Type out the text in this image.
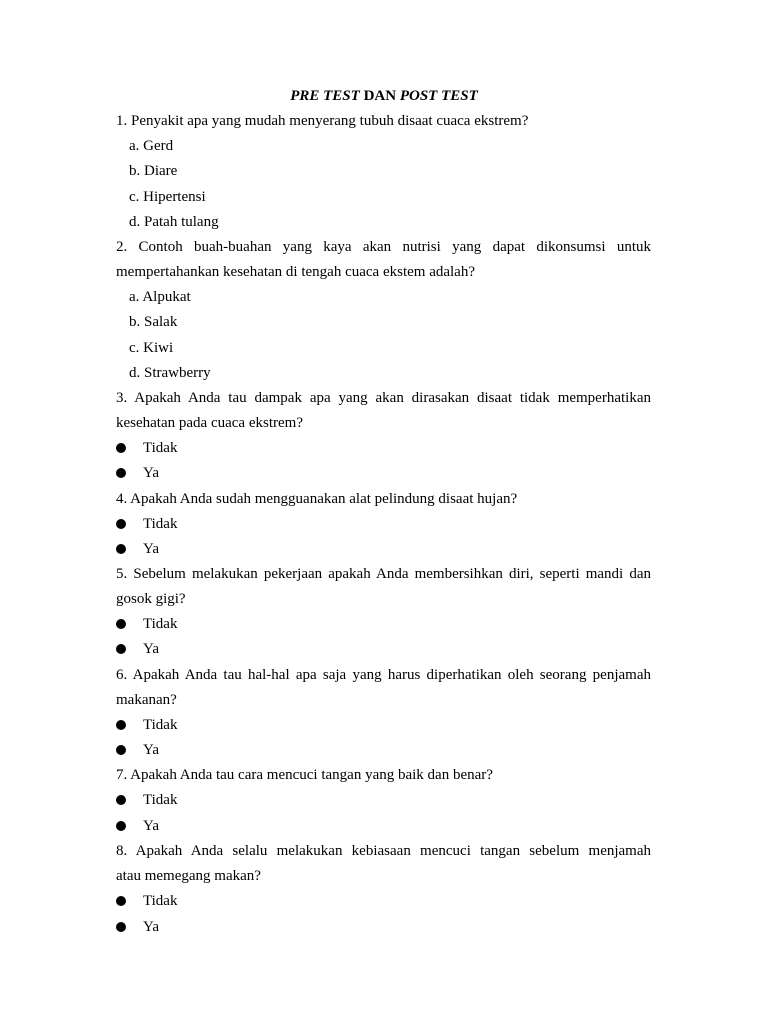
PRE TEST DAN POST TEST
1. Penyakit apa yang mudah menyerang tubuh disaat cuaca ekstrem?
a. Gerd
b. Diare
c. Hipertensi
d. Patah tulang
2. Contoh buah-buahan yang kaya akan nutrisi yang dapat dikonsumsi untuk
mempertahankan kesehatan di tengah cuaca ekstem adalah?
a. Alpukat
b. Salak
c. Kiwi
d. Strawberry
3. Apakah Anda tau dampak apa yang akan dirasakan disaat tidak memperhatikan
kesehatan pada cuaca ekstrem?
Tidak
Ya
4. Apakah Anda sudah mengguanakan alat pelindung disaat hujan?
Tidak
Ya
5. Sebelum melakukan pekerjaan apakah Anda membersihkan diri, seperti mandi dan
gosok gigi?
Tidak
Ya
6. Apakah Anda tau hal-hal apa saja yang harus diperhatikan oleh seorang penjamah
makanan?
Tidak
Ya
7. Apakah Anda tau cara mencuci tangan yang baik dan benar?
Tidak
Ya
8. Apakah Anda selalu melakukan kebiasaan mencuci tangan sebelum menjamah
atau memegang makan?
Tidak
Ya
